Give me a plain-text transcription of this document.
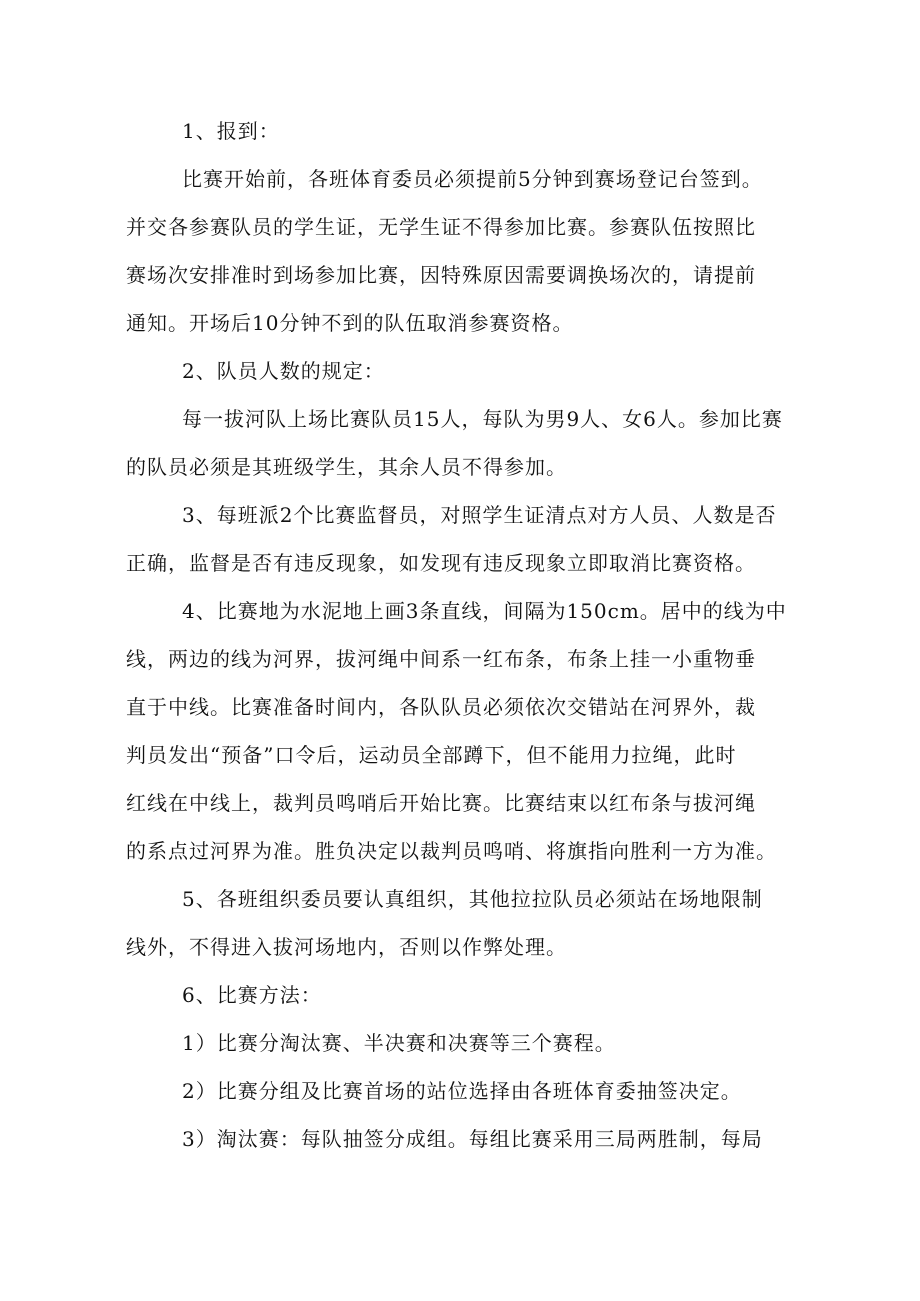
1、报到：
比赛开始前，各班体育委员必须提前5分钟到赛场登记台签到。
并交各参赛队员的学生证，无学生证不得参加比赛。参赛队伍按照比
赛场次安排准时到场参加比赛，因特殊原因需要调换场次的，请提前
通知。开场后10分钟不到的队伍取消参赛资格。
2、队员人数的规定：
每一拔河队上场比赛队员15人，每队为男9人、女6人。参加比赛
的队员必须是其班级学生，其余人员不得参加。
3、每班派2个比赛监督员，对照学生证清点对方人员、人数是否
正确，监督是否有违反现象，如发现有违反现象立即取消比赛资格。
4、比赛地为水泥地上画3条直线，间隔为150cm。居中的线为中
线，两边的线为河界，拔河绳中间系一红布条，布条上挂一小重物垂
直于中线。比赛准备时间内，各队队员必须依次交错站在河界外，裁
判员发出“预备”口令后，运动员全部蹲下，但不能用力拉绳，此时
红线在中线上，裁判员鸣哨后开始比赛。比赛结束以红布条与拔河绳
的系点过河界为准。胜负决定以裁判员鸣哨、将旗指向胜利一方为准。
5、各班组织委员要认真组织，其他拉拉队员必须站在场地限制
线外，不得进入拔河场地内，否则以作弊处理。
6、比赛方法：
1）比赛分淘汰赛、半决赛和决赛等三个赛程。
2）比赛分组及比赛首场的站位选择由各班体育委抽签决定。
3）淘汰赛：每队抽签分成组。每组比赛采用三局两胜制，每局
